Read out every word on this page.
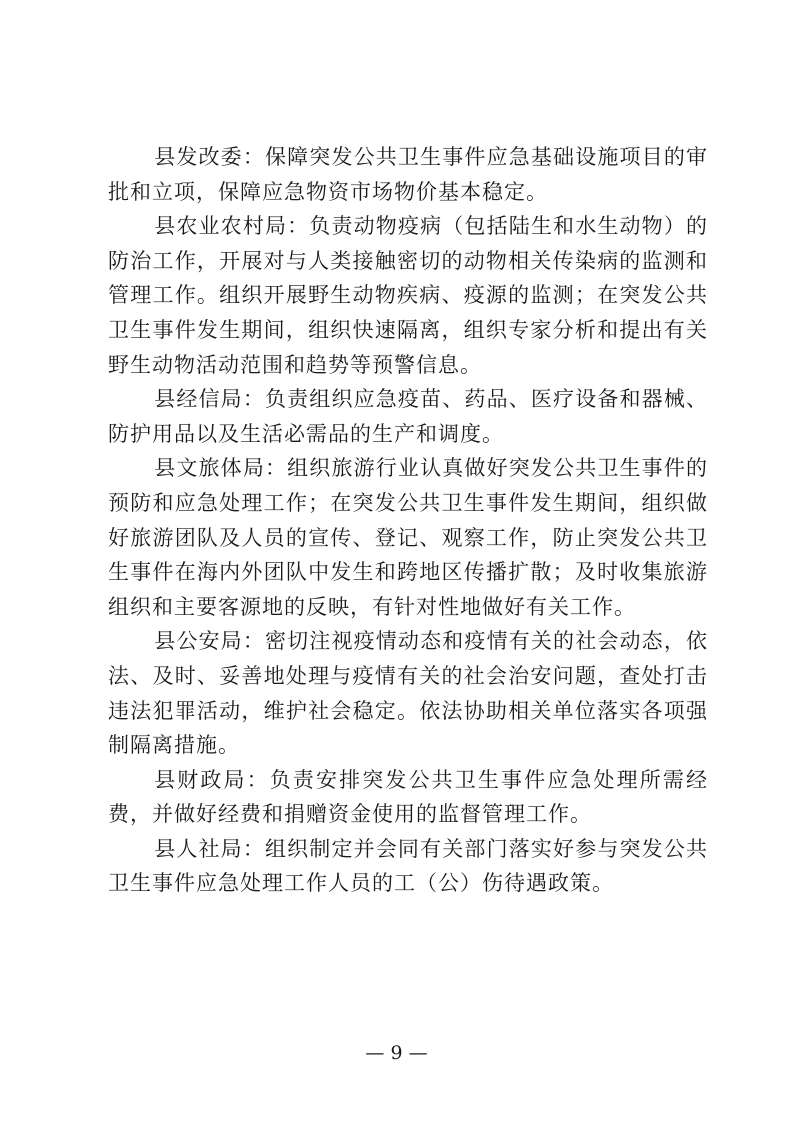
县发改委：保障突发公共卫生事件应急基础设施项目的审批和立项，保障应急物资市场物价基本稳定。

县农业农村局：负责动物疫病（包括陆生和水生动物）的防治工作，开展对与人类接触密切的动物相关传染病的监测和管理工作。组织开展野生动物疾病、疫源的监测；在突发公共卫生事件发生期间，组织快速隔离，组织专家分析和提出有关野生动物活动范围和趋势等预警信息。

县经信局：负责组织应急疫苗、药品、医疗设备和器械、防护用品以及生活必需品的生产和调度。

县文旅体局：组织旅游行业认真做好突发公共卫生事件的预防和应急处理工作；在突发公共卫生事件发生期间，组织做好旅游团队及人员的宣传、登记、观察工作，防止突发公共卫生事件在海内外团队中发生和跨地区传播扩散；及时收集旅游组织和主要客源地的反映，有针对性地做好有关工作。

县公安局：密切注视疫情动态和疫情有关的社会动态，依法、及时、妥善地处理与疫情有关的社会治安问题，查处打击违法犯罪活动，维护社会稳定。依法协助相关单位落实各项强制隔离措施。

县财政局：负责安排突发公共卫生事件应急处理所需经费，并做好经费和捐赠资金使用的监督管理工作。

县人社局：组织制定并会同有关部门落实好参与突发公共卫生事件应急处理工作人员的工（公）伤待遇政策。

— 9 —
